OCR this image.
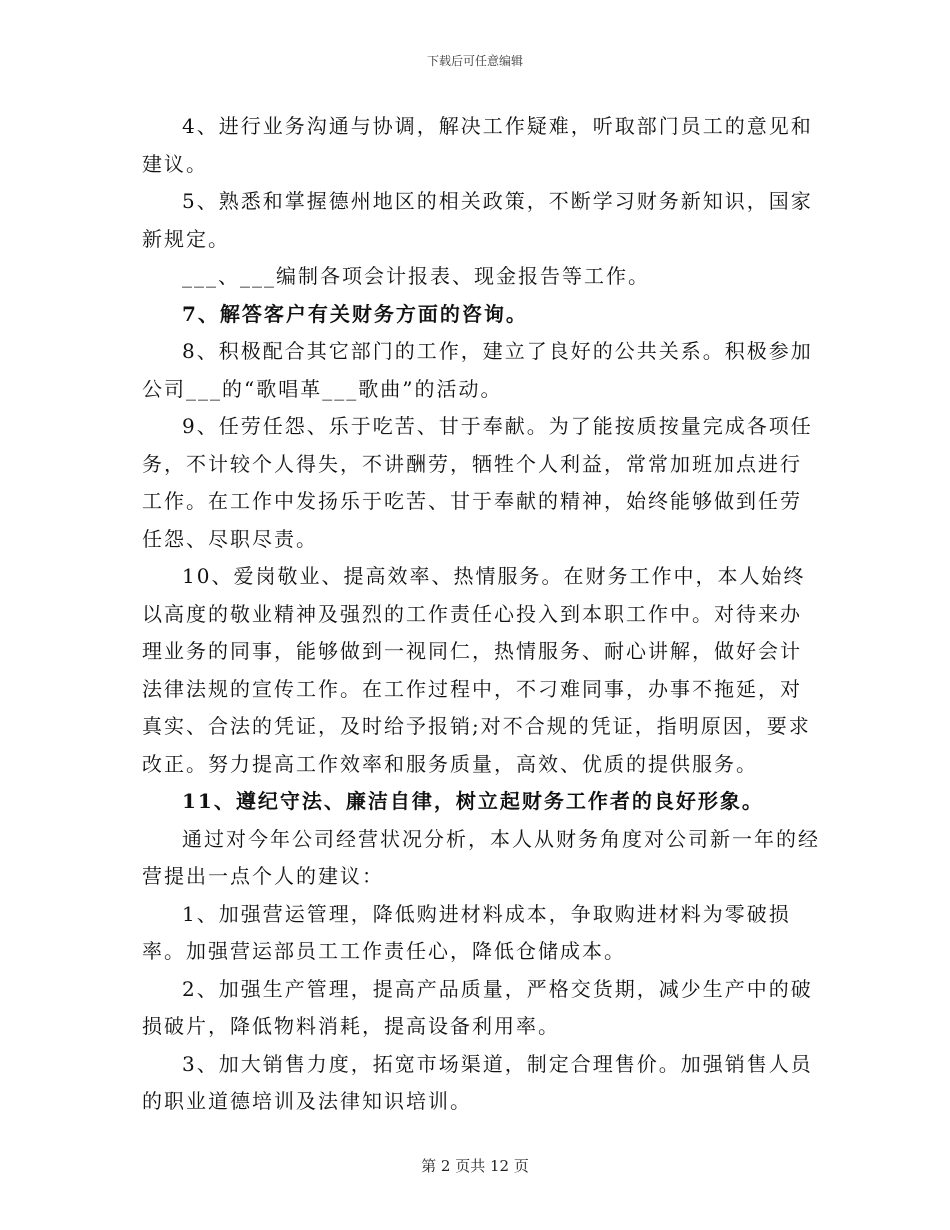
下载后可任意编辑

4、进行业务沟通与协调，解决工作疑难，听取部门员工的意见和建议。

5、熟悉和掌握德州地区的相关政策，不断学习财务新知识，国家新规定。

___、___编制各项会计报表、现金报告等工作。

7、解答客户有关财务方面的咨询。

8、积极配合其它部门的工作，建立了良好的公共关系。积极参加公司___的“歌唱革___歌曲”的活动。

9、任劳任怨、乐于吃苦、甘于奉献。为了能按质按量完成各项任务，不计较个人得失，不讲酬劳，牺牲个人利益，常常加班加点进行工作。在工作中发扬乐于吃苦、甘于奉献的精神，始终能够做到任劳任怨、尽职尽责。

10、爱岗敬业、提高效率、热情服务。在财务工作中，本人始终以高度的敬业精神及强烈的工作责任心投入到本职工作中。对待来办理业务的同事，能够做到一视同仁，热情服务、耐心讲解，做好会计法律法规的宣传工作。在工作过程中，不刁难同事，办事不拖延，对真实、合法的凭证，及时给予报销;对不合规的凭证，指明原因，要求改正。努力提高工作效率和服务质量，高效、优质的提供服务。

11、遵纪守法、廉洁自律，树立起财务工作者的良好形象。

通过对今年公司经营状况分析，本人从财务角度对公司新一年的经营提出一点个人的建议：

1、加强营运管理，降低购进材料成本，争取购进材料为零破损率。加强营运部员工工作责任心，降低仓储成本。

2、加强生产管理，提高产品质量，严格交货期，减少生产中的破损破片，降低物料消耗，提高设备利用率。

3、加大销售力度，拓宽市场渠道，制定合理售价。加强销售人员的职业道德培训及法律知识培训。

第 2 页共 12 页
